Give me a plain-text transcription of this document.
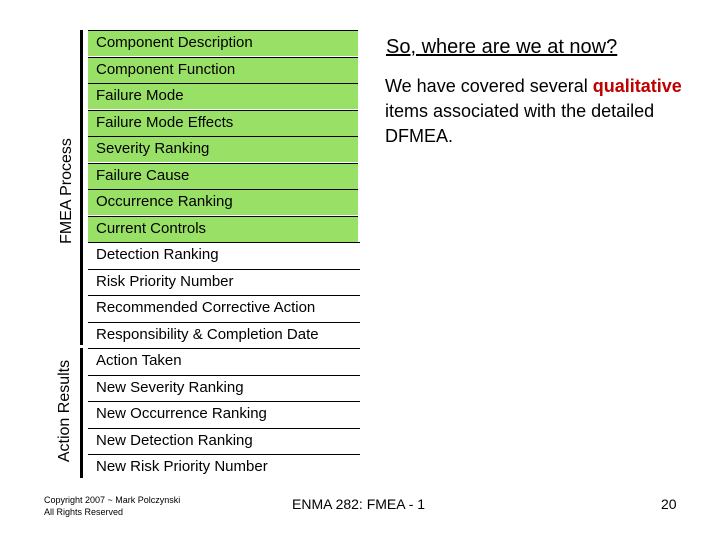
FMEA Process
Action Results
Component Description
Component Function
Failure Mode
Failure Mode Effects
Severity Ranking
Failure Cause
Occurrence Ranking
Current Controls
Detection Ranking
Risk Priority Number
Recommended Corrective Action
Responsibility & Completion Date
Action Taken
New Severity Ranking
New Occurrence Ranking
New Detection Ranking
New Risk Priority Number
So, where are we at now?
We have covered several qualitative items associated with the detailed DFMEA.
Copyright 2007 ~ Mark Polczynski
All Rights Reserved	ENMA 282: FMEA - 1	20
